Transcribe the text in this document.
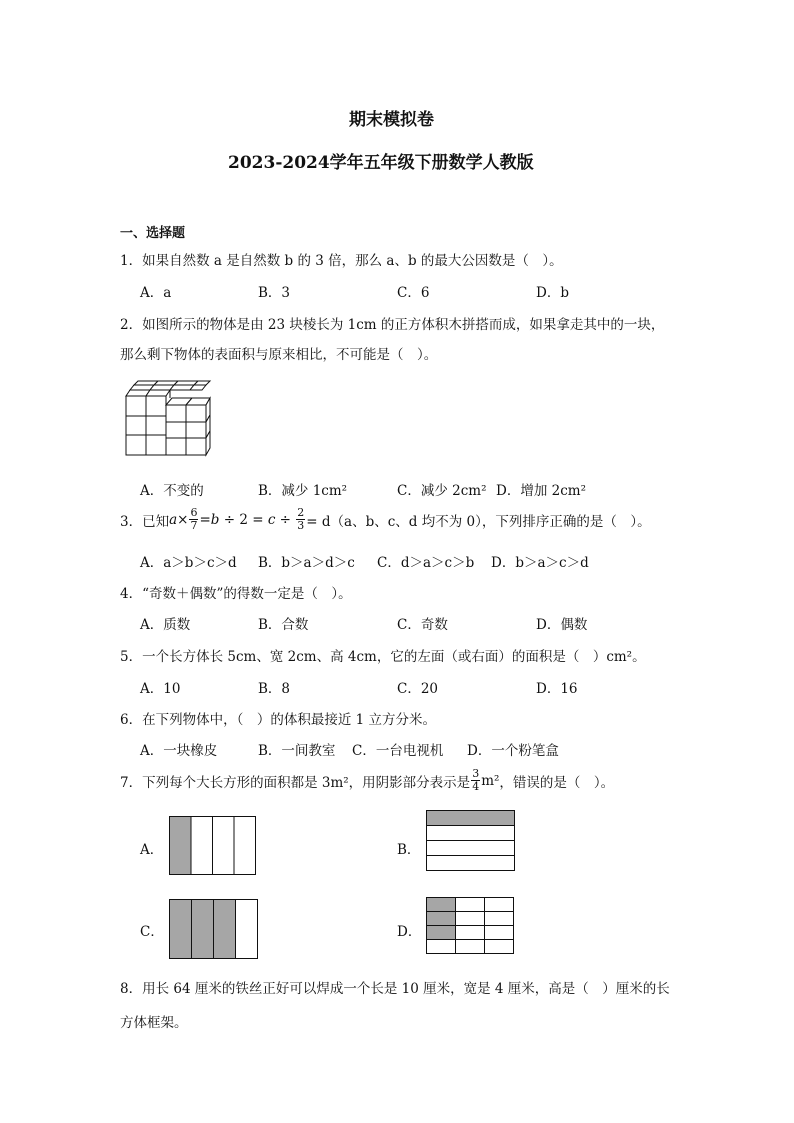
期末模拟卷
2023-2024学年五年级下册数学人教版
一、选择题
1．如果自然数 a 是自然数 b 的 3 倍，那么 a、b 的最大公因数是（　）。
A．a	B．3	C．6	D．b
2．如图所示的物体是由 23 块棱长为 1cm 的正方体积木拼搭而成，如果拿走其中的一块，
那么剩下物体的表面积与原来相比，不可能是（　）。
A．不变的	B．减少 1cm²	C．减少 2cm² D．增加 2cm²
3．已知 $a \times \frac{6}{7} = b \div 2 = c \div \frac{2}{3} = d(a$、b、c、d 均不为 0），下列排序正确的是（　）。
A．a＞b＞c＞d B．b＞a＞d＞c C．d＞a＞c＞b D．b＞a＞c＞d
4．“奇数＋偶数”的得数一定是（　）。
A．质数	B．合数	C．奇数	D．偶数
5．一个长方体长 5cm、宽 2cm、高 4cm，它的左面（或右面）的面积是（　）cm²。
A．10	B．8	C．20	D．16
6．在下列物体中，（　）的体积最接近 1 立方分米。
A．一块橡皮	B．一间教室 C．一台电视机 D．一个粉笔盒
7．下列每个大长方形的面积都是 3m²，用阴影部分表示是 $\frac{3}{4} m^2$ ，错误的是（　）。
A．	B．
C．	D．
8．用长 64 厘米的铁丝正好可以焊成一个长是 10 厘米，宽是 4 厘米，高是（　）厘米的长
方体框架。
